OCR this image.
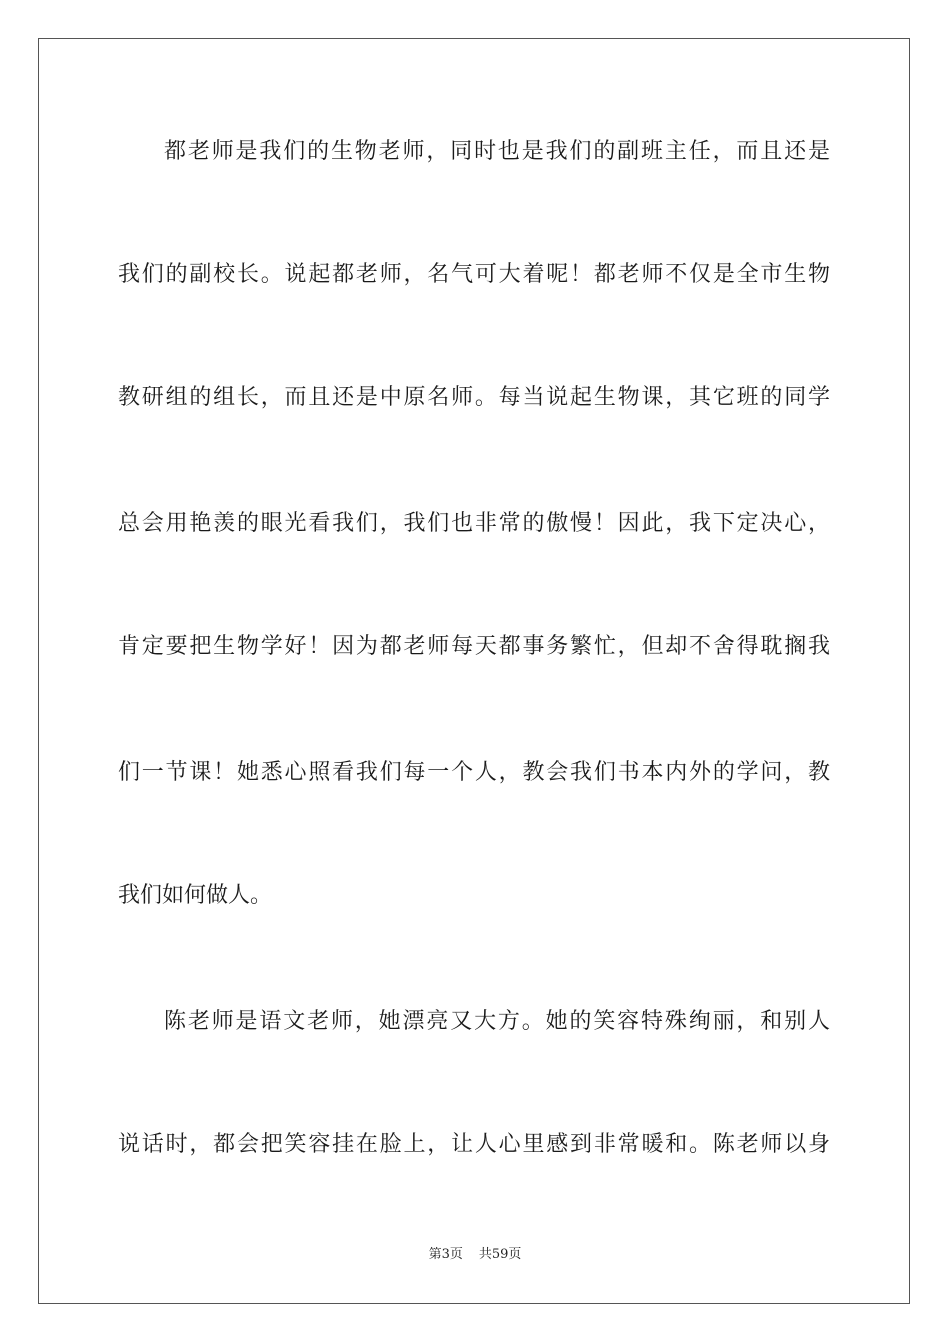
都老师是我们的生物老师，同时也是我们的副班主任，而且还是
我们的副校长。说起都老师，名气可大着呢！都老师不仅是全市生物
教研组的组长，而且还是中原名师。每当说起生物课，其它班的同学
总会用艳羡的眼光看我们，我们也非常的傲慢！因此，我下定决心，
肯定要把生物学好！因为都老师每天都事务繁忙，但却不舍得耽搁我
们一节课！她悉心照看我们每一个人，教会我们书本内外的学问，教
我们如何做人。
陈老师是语文老师，她漂亮又大方。她的笑容特殊绚丽，和别人
说话时，都会把笑容挂在脸上，让人心里感到非常暖和。陈老师以身
第3页 共59页
